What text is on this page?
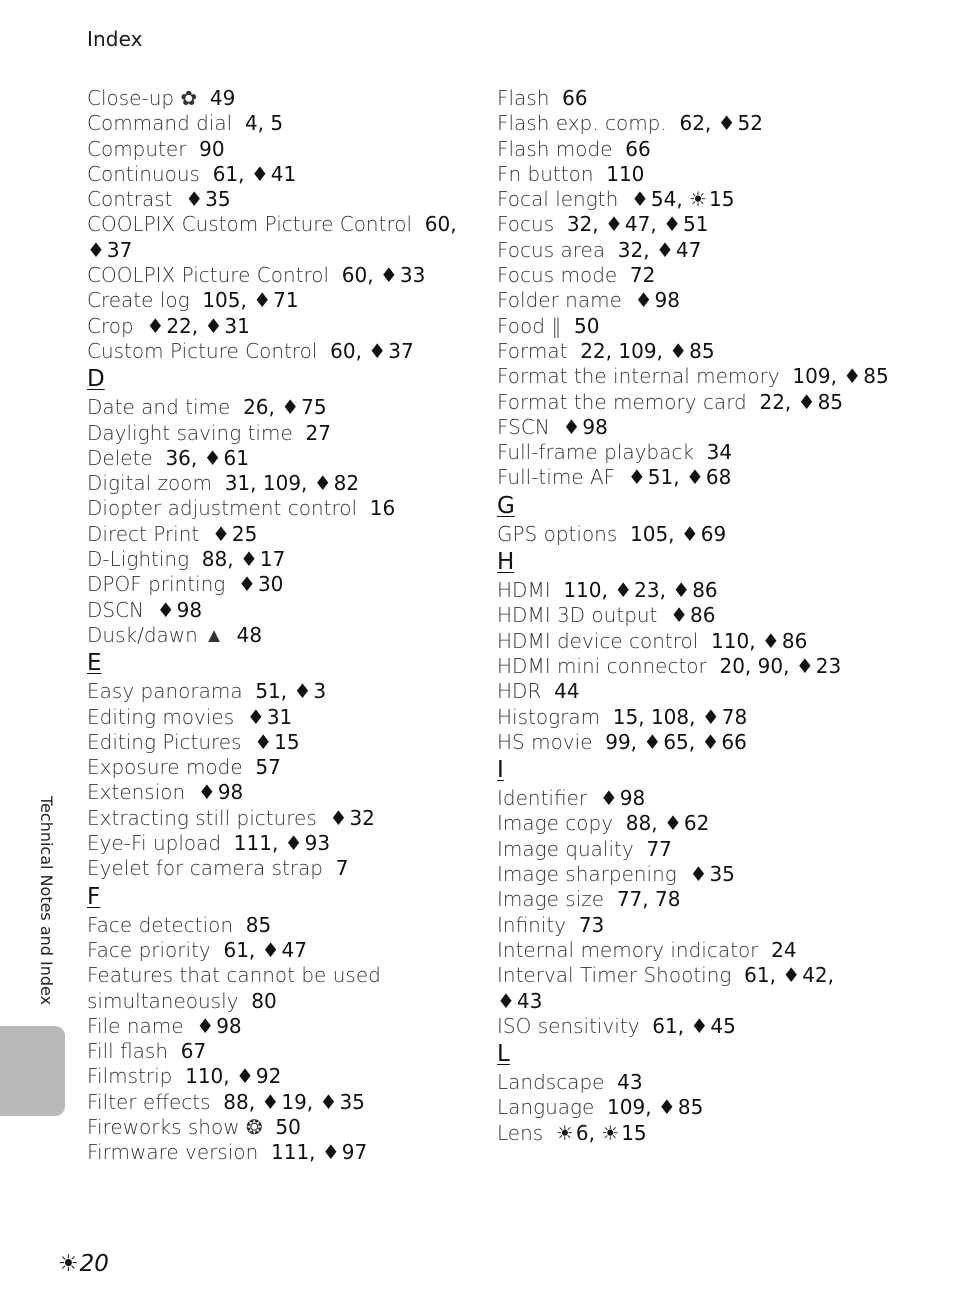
Index
Close-up ✿ 49
Command dial 4, 5
Computer 90
Continuous 61, ♦ 41
Contrast ♦ 35
COOLPIX Custom Picture Control 60,
♦ 37
COOLPIX Picture Control 60, ♦ 33
Create log 105, ♦ 71
Crop ♦ 22, ♦ 31
Custom Picture Control 60, ♦ 37
D
Date and time 26, ♦ 75
Daylight saving time 27
Delete 36, ♦ 61
Digital zoom 31, 109, ♦ 82
Diopter adjustment control 16
Direct Print ♦ 25
D-Lighting 88, ♦ 17
DPOF printing ♦ 30
DSCN ♦ 98
Dusk/dawn ▲ 48
E
Easy panorama 51, ♦ 3
Editing movies ♦ 31
Editing Pictures ♦ 15
Exposure mode 57
Extension ♦ 98
Extracting still pictures ♦ 32
Eye-Fi upload 111, ♦ 93
Eyelet for camera strap 7
F
Face detection 85
Face priority 61, ♦ 47
Features that cannot be used
simultaneously 80
File name ♦ 98
Fill flash 67
Filmstrip 110, ♦ 92
Filter effects 88, ♦ 19, ♦ 35
Fireworks show ❂ 50
Firmware version 111, ♦ 97
Flash 66
Flash exp. comp. 62, ♦ 52
Flash mode 66
Fn button 110
Focal length ♦ 54, ☀ 15
Focus 32, ♦ 47, ♦ 51
Focus area 32, ♦ 47
Focus mode 72
Folder name ♦ 98
Food ‖ 50
Format 22, 109, ♦ 85
Format the internal memory 109, ♦ 85
Format the memory card 22, ♦ 85
FSCN ♦ 98
Full-frame playback 34
Full-time AF ♦ 51, ♦ 68
G
GPS options 105, ♦ 69
H
HDMI 110, ♦ 23, ♦ 86
HDMI 3D output ♦ 86
HDMI device control 110, ♦ 86
HDMI mini connector 20, 90, ♦ 23
HDR 44
Histogram 15, 108, ♦ 78
HS movie 99, ♦ 65, ♦ 66
I
Identifier ♦ 98
Image copy 88, ♦ 62
Image quality 77
Image sharpening ♦ 35
Image size 77, 78
Infinity 73
Internal memory indicator 24
Interval Timer Shooting 61, ♦ 42,
♦ 43
ISO sensitivity 61, ♦ 45
L
Landscape 43
Language 109, ♦ 85
Lens ☀ 6, ☀ 15
Technical Notes and Index
☀20
